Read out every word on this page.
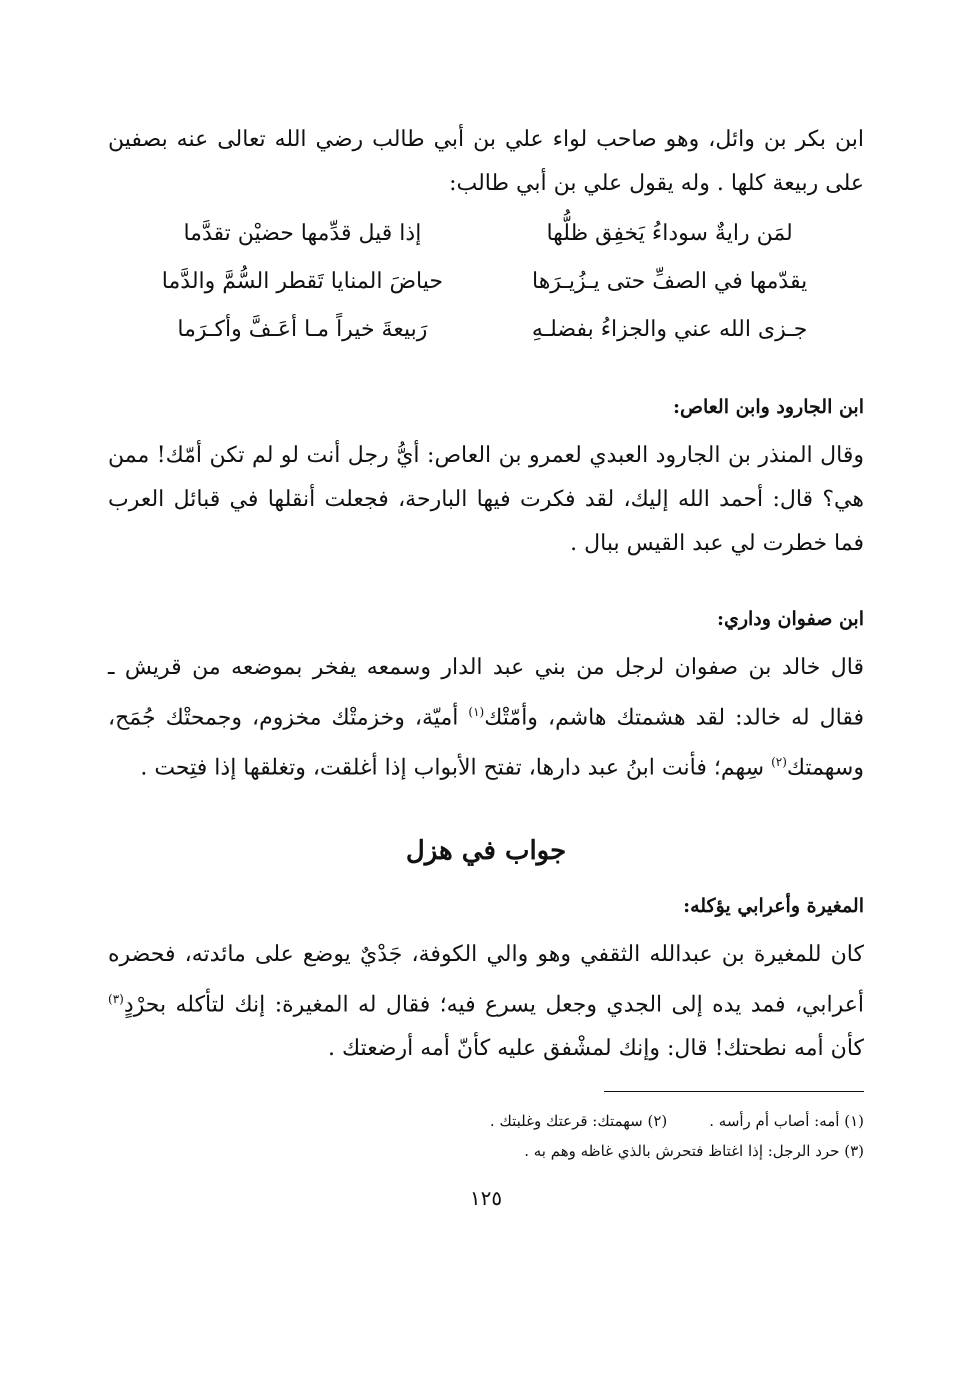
ابن بكر بن وائل، وهو صاحب لواء علي بن أبي طالب رضي الله تعالى عنه بصفين على ربيعة كلها . وله يقول علي بن أبي طالب:

لمَن رايةٌ سوداءُ يَخفِق ظلُّها
إذا قيل قدِّمها حضيْن تقدَّما
يقدّمها في الصفِّ حتى يـزُيـرَها
حياضَ المنايا تَقطر السُّمَّ والدَّما
جـزى الله عني والجزاءُ بفضلـهِ
رَبيعةَ خيراً مـا أعَـفَّ وأكـرَما
ابن الجارود وابن العاص:

وقال المنذر بن الجارود العبدي لعمرو بن العاص: أيُّ رجل أنت لو لم تكن أمّك! ممن هي؟ قال: أحمد الله إليك، لقد فكرت فيها البارحة، فجعلت أنقلها في قبائل العرب فما خطرت لي عبد القيس ببال .

ابن صفوان وداري:

قال خالد بن صفوان لرجل من بني عبد الدار وسمعه يفخر بموضعه من قريش ـ فقال له خالد: لقد هشمتك هاشم، وأمّتْك$^{(١)}$ أميّة، وخزمتْك مخزوم، وجمحتْك جُمَح، وسهمتك$^{(٢)}$ سِهم؛ فأنت ابنُ عبد دارها، تفتح الأبواب إذا أغلقت، وتغلقها إذا فتِحت .

جواب في هزل
المغيرة وأعرابي يؤكله:

كان للمغيرة بن عبدالله الثقفي وهو والي الكوفة، جَدْيٌ يوضع على مائدته، فحضره أعرابي، فمد يده إلى الجدي وجعل يسرع فيه؛ فقال له المغيرة: إنك لتأكله بحرْدٍ$^{(٣)}$ كأن أمه نطحتك! قال: وإنك لمشْفق عليه كأنّ أمه أرضعتك .

(١) أمه: أصاب أم رأسه .
(٢) سهمتك: قرعتك وغلبتك .
(٣) حرد الرجل: إذا اغتاظ فتحرش بالذي غاظه وهم به .
١٢٥
